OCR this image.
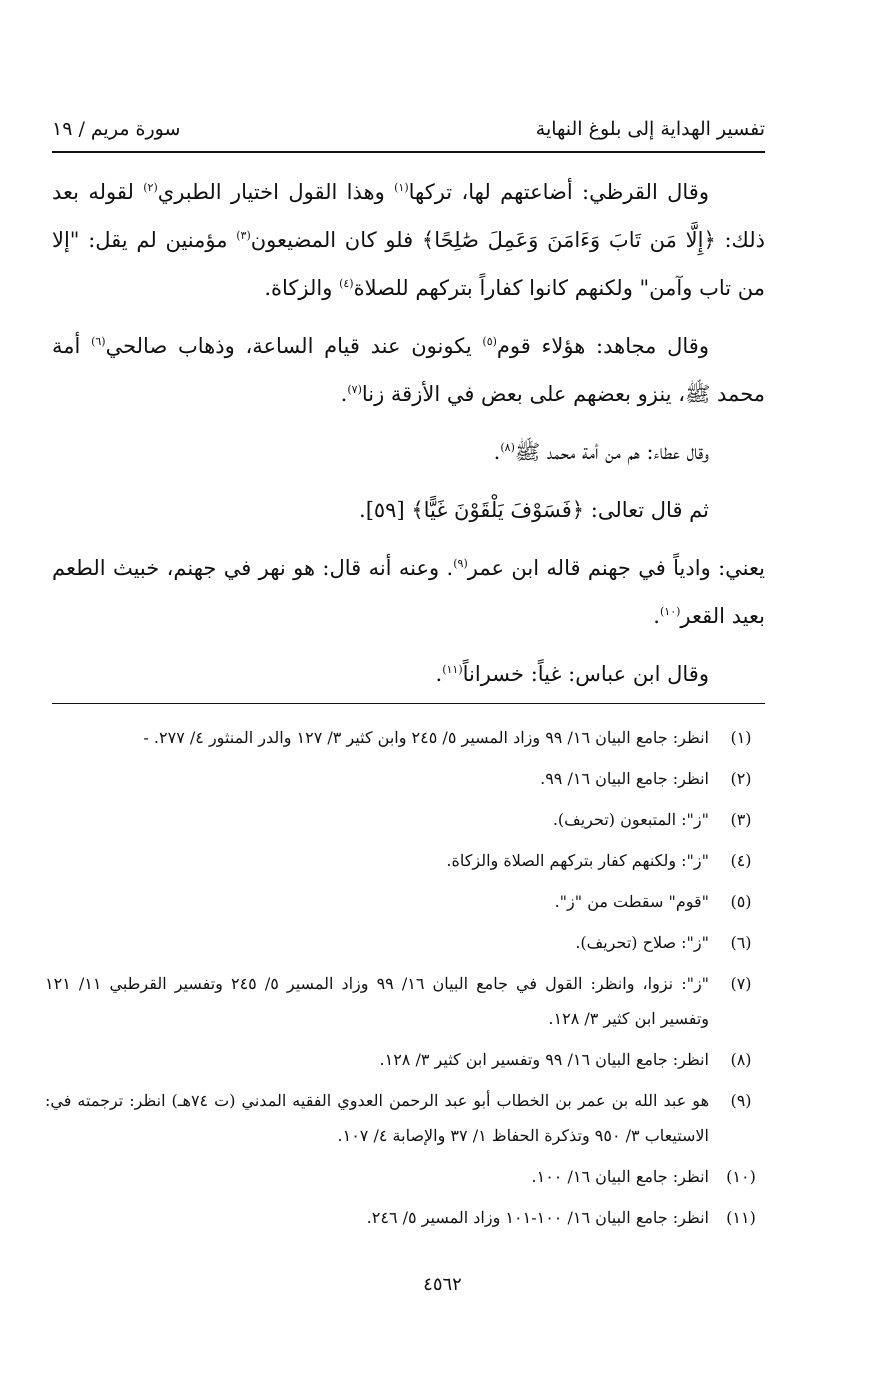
تفسير الهداية إلى بلوغ النهاية
سورة مريم / ١٩

وقال القرظي: أضاعتهم لها، تركها$^{(١)}$ وهذا القول اختيار الطبري$^{(٢)}$ لقوله بعد ذلك: ﴿إِلَّا مَن تَابَ وَءَامَنَ وَعَمِلَ صَٰلِحًا﴾ فلو كان المضيعون$^{(٣)}$ مؤمنين لم يقل: "إلا من تاب وآمن" ولكنهم كانوا كفاراً بتركهم للصلاة$^{(٤)}$ والزكاة.

وقال مجاهد: هؤلاء قوم$^{(٥)}$ يكونون عند قيام الساعة، وذهاب صالحي$^{(٦)}$ أمة محمد ﷺ، ينزو بعضهم على بعض في الأزقة زنا$^{(٧)}$.

وقال عطاء: هم من أمة محمد ﷺ$^{(٨)}$.

ثم قال تعالى: ﴿فَسَوْفَ يَلْقَوْنَ غَيًّا﴾ [٥٩].

يعني: وادياً في جهنم قاله ابن عمر$^{(٩)}$. وعنه أنه قال: هو نهر في جهنم، خبيث الطعم بعيد القعر$^{(١٠)}$.

وقال ابن عباس: غياً: خسراناً$^{(١١)}$.

(١)
انظر: جامع البيان ١٦/ ٩٩ وزاد المسير ٥/ ٢٤٥ وابن كثير ٣/ ١٢٧ والدر المنثور ٤/ ٢٧٧. -
(٢)
انظر: جامع البيان ١٦/ ٩٩.
(٣)
"ز": المتبعون (تحريف).
(٤)
"ز": ولكنهم كفار بتركهم الصلاة والزكاة.
(٥)
"قوم" سقطت من "ز".
(٦)
"ز": صلاح (تحريف).
(٧)
"ز": نزوا، وانظر: القول في جامع البيان ١٦/ ٩٩ وزاد المسير ٥/ ٢٤٥ وتفسير القرطبي ١١/ ١٢١ وتفسير ابن كثير ٣/ ١٢٨.
(٨)
انظر: جامع البيان ١٦/ ٩٩ وتفسير ابن كثير ٣/ ١٢٨.
(٩)
هو عبد الله بن عمر بن الخطاب أبو عبد الرحمن العدوي الفقيه المدني (ت ٧٤هـ) انظر: ترجمته في: الاستيعاب ٣/ ٩٥٠ وتذكرة الحفاظ ١/ ٣٧ والإصابة ٤/ ١٠٧.
(١٠)
انظر: جامع البيان ١٦/ ١٠٠.
(١١)
انظر: جامع البيان ١٦/ ١٠٠-١٠١ وزاد المسير ٥/ ٢٤٦.
٤٥٦٢
